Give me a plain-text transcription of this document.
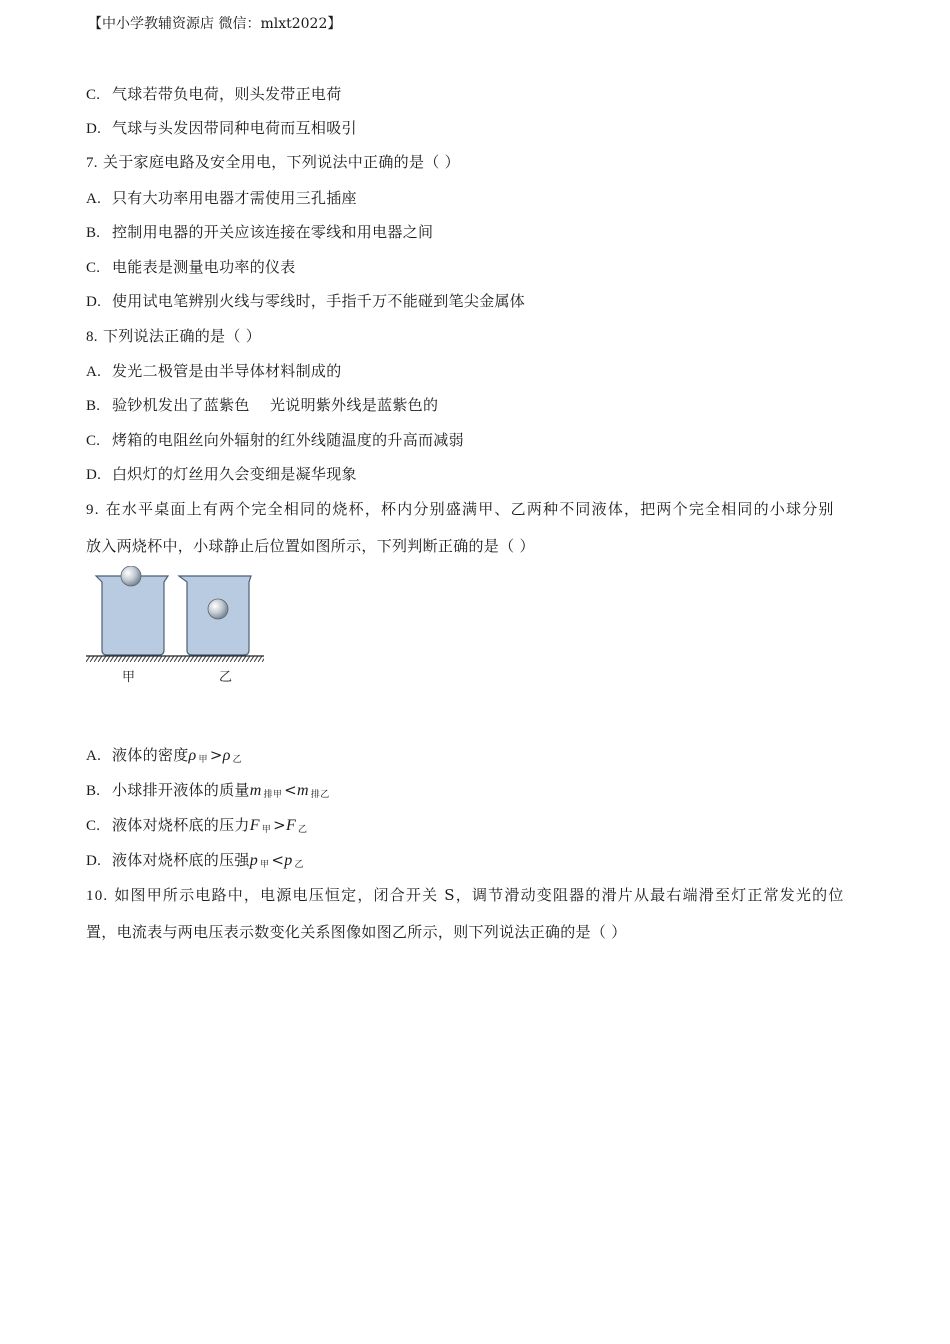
【中小学教辅资源店 微信：mlxt2022】
C. 气球若带负电荷，则头发带正电荷
D. 气球与头发因带同种电荷而互相吸引
7. 关于家庭电路及安全用电，下列说法中正确的是（ ）
A. 只有大功率用电器才需使用三孔插座
B. 控制用电器的开关应该连接在零线和用电器之间
C. 电能表是测量电功率的仪表
D. 使用试电笔辨别火线与零线时，手指千万不能碰到笔尖金属体
8. 下列说法正确的是（ ）
A. 发光二极管是由半导体材料制成的
B. 验钞机发出了蓝紫色    光说明紫外线是蓝紫色的
C. 烤箱的电阻丝向外辐射的红外线随温度的升高而减弱
D. 白炽灯的灯丝用久会变细是凝华现象
9. 在水平桌面上有两个完全相同的烧杯，杯内分别盛满甲、乙两种不同液体，把两个完全相同的小球分别
放入两烧杯中，小球静止后位置如图所示，下列判断正确的是（ ）
甲	乙
A. 液体的密度ρ $_甲$ >ρ $_乙$
B. 小球排开液体的质量m $_{排甲}$ <m $_{排乙}$
C. 液体对烧杯底的压力F $_甲$ >F $_乙$
D. 液体对烧杯底的压强p $_甲$ <p $_乙$
10. 如图甲所示电路中，电源电压恒定，闭合开关 S，调节滑动变阻器的滑片从最右端滑至灯正常发光的位
置，电流表与两电压表示数变化关系图像如图乙所示，则下列说法正确的是（ ）
